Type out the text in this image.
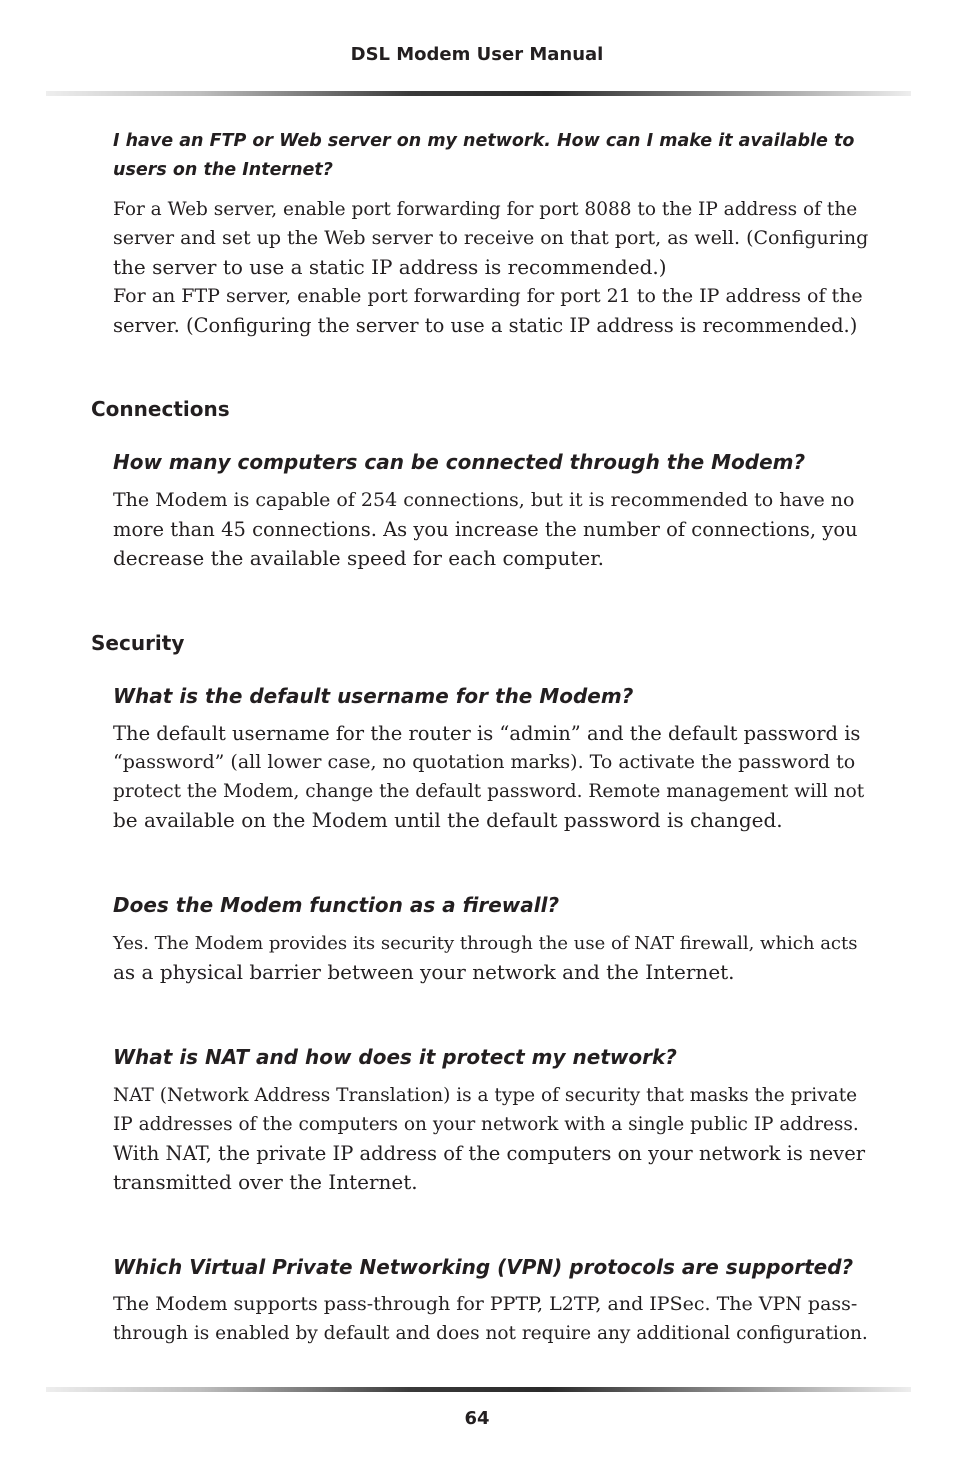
DSL Modem User Manual

I have an FTP or Web server on my network. How can I make it available to
users on the Internet?

For a Web server, enable port forwarding for port 8088 to the IP address of the
server and set up the Web server to receive on that port, as well. (Configuring
the server to use a static IP address is recommended.)
For an FTP server, enable port forwarding for port 21 to the IP address of the
server. (Configuring the server to use a static IP address is recommended.)
Connections

How many computers can be connected through the Modem?

The Modem is capable of 254 connections, but it is recommended to have no
more than 45 connections. As you increase the number of connections, you
decrease the available speed for each computer.
Security

What is the default username for the Modem?

The default username for the router is “admin” and the default password is
“password” (all lower case, no quotation marks). To activate the password to
protect the Modem, change the default password. Remote management will not
be available on the Modem until the default password is changed.

Does the Modem function as a firewall?

Yes. The Modem provides its security through the use of NAT firewall, which acts
as a physical barrier between your network and the Internet.

What is NAT and how does it protect my network?

NAT (Network Address Translation) is a type of security that masks the private
IP addresses of the computers on your network with a single public IP address.
With NAT, the private IP address of the computers on your network is never
transmitted over the Internet.

Which Virtual Private Networking (VPN) protocols are supported?

The Modem supports pass-through for PPTP, L2TP, and IPSec. The VPN pass-
through is enabled by default and does not require any additional configuration.
64
